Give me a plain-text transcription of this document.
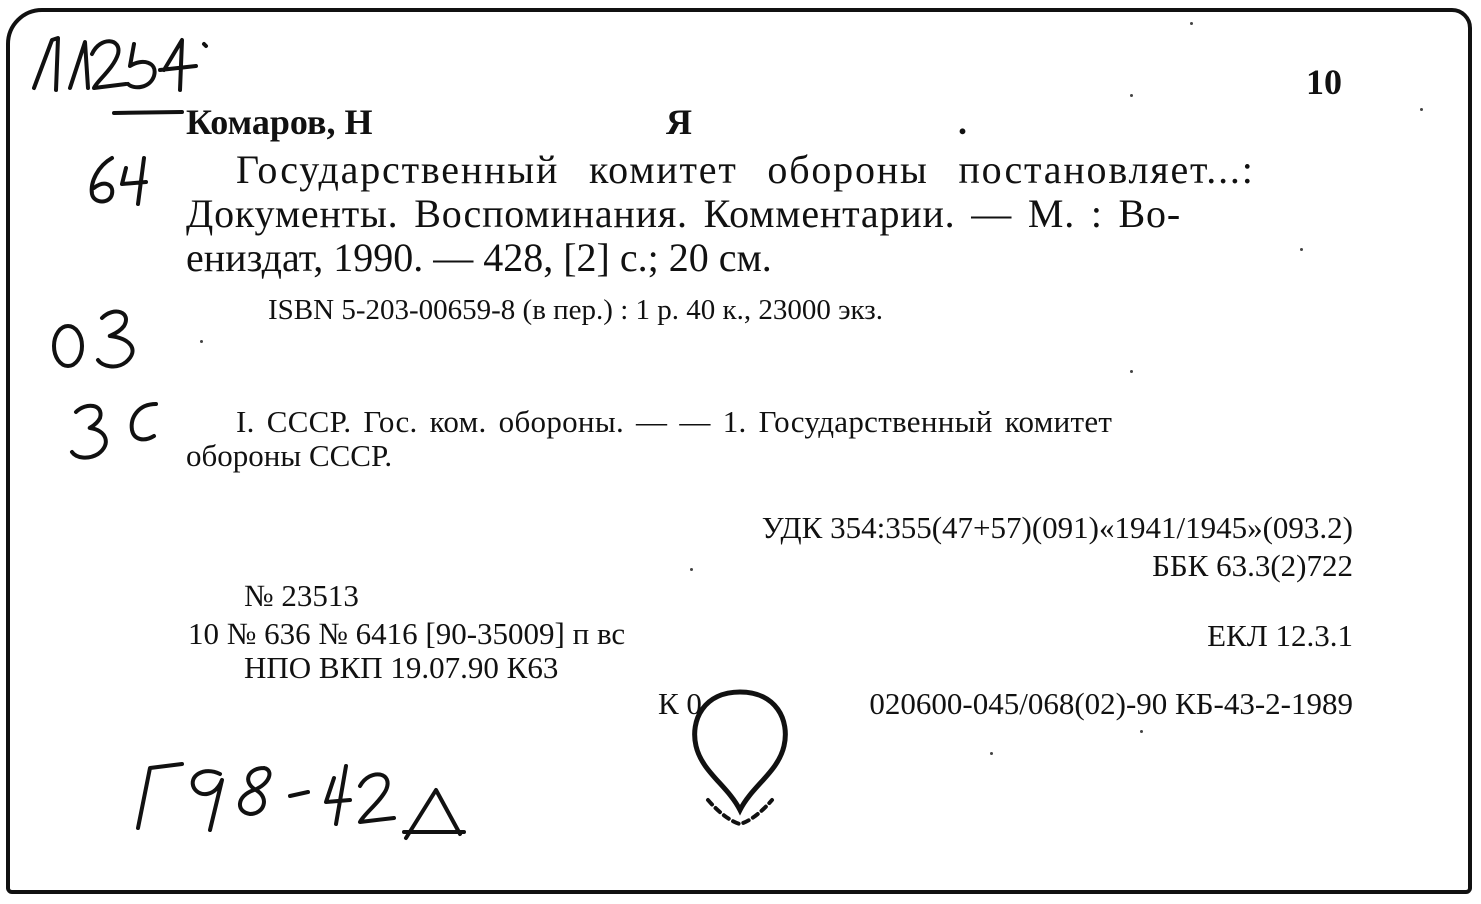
10
Комаров, Н	Я	.
Государственный комитет обороны постановляет...:
Документы. Воспоминания. Комментарии. — М. : Во-
ениздат, 1990. — 428, [2] с.; 20 см.
ISBN 5-203-00659-8 (в пер.) : 1 р. 40 к., 23000 экз.
I. СССР. Гос. ком. обороны. — — 1. Государственный комитет
обороны СССР.
УДК 354:355(47+57)(091)«1941/1945»(093.2)
ББК 63.3(2)722
№ 23513
10 № 636 № 6416 [90-35009] п вс	ЕКЛ 12.3.1
НПО ВКП 19.07.90 К63
К 0	020600-045/068(02)-90 КБ-43-2-1989
